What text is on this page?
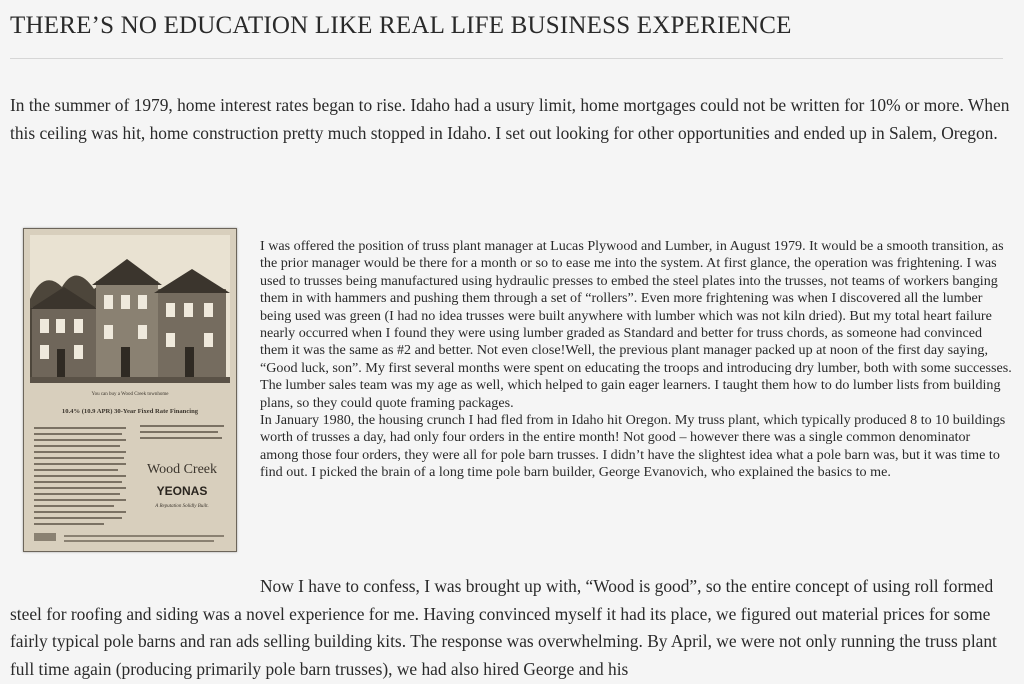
THERE’S NO EDUCATION LIKE REAL LIFE BUSINESS EXPERIENCE

In the summer of 1979, home interest rates began to rise. Idaho had a usury limit, home mortgages could not be written for 10% or more. When this ceiling was hit, home construction pretty much stopped in Idaho. I set out looking for other opportunities and ended up in Salem, Oregon.

You can buy a Wood Creek townhome
10.4% (10.9 APR) 30-Year Fixed Rate Financing
Wood Creek
YEONAS
A Reputation Solidly Built.
I was offered the position of truss plant manager at Lucas Plywood and Lumber, in August 1979. It would be a smooth transition, as the prior manager would be there for a month or so to ease me into the system. At first glance, the operation was frightening. I was used to trusses being manufactured using hydraulic presses to embed the steel plates into the trusses, not teams of workers banging them in with hammers and pushing them through a set of “rollers”. Even more frightening was when I discovered all the lumber being used was green (I had no idea trusses were built anywhere with lumber which was not kiln dried). But my total heart failure nearly occurred when I found they were using lumber graded as Standard and better for truss chords, as someone had convinced them it was the same as #2 and better. Not even close!Well, the previous plant manager packed up at noon of the first day saying, “Good luck, son”. My first several months were spent on educating the troops and introducing dry lumber, both with some successes. The lumber sales team was my age as well, which helped to gain eager learners. I taught them how to do lumber lists from building plans, so they could quote framing packages.
In January 1980, the housing crunch I had fled from in Idaho hit Oregon. My truss plant, which typically produced 8 to 10 buildings worth of trusses a day, had only four orders in the entire month! Not good – however there was a single common denominator among those four orders, they were all for pole barn trusses. I didn’t have the slightest idea what a pole barn was, but it was time to find out. I picked the brain of a long time pole barn builder, George Evanovich, who explained the basics to me.

Now I have to confess, I was brought up with, “Wood is good”, so the entire concept of using roll formed steel for roofing and siding was a novel experience for me. Having convinced myself it had its place, we figured out material prices for some fairly typical pole barns and ran ads selling building kits. The response was overwhelming. By April, we were not only running the truss plant full time again (producing primarily pole barn trusses), we had also hired George and his
